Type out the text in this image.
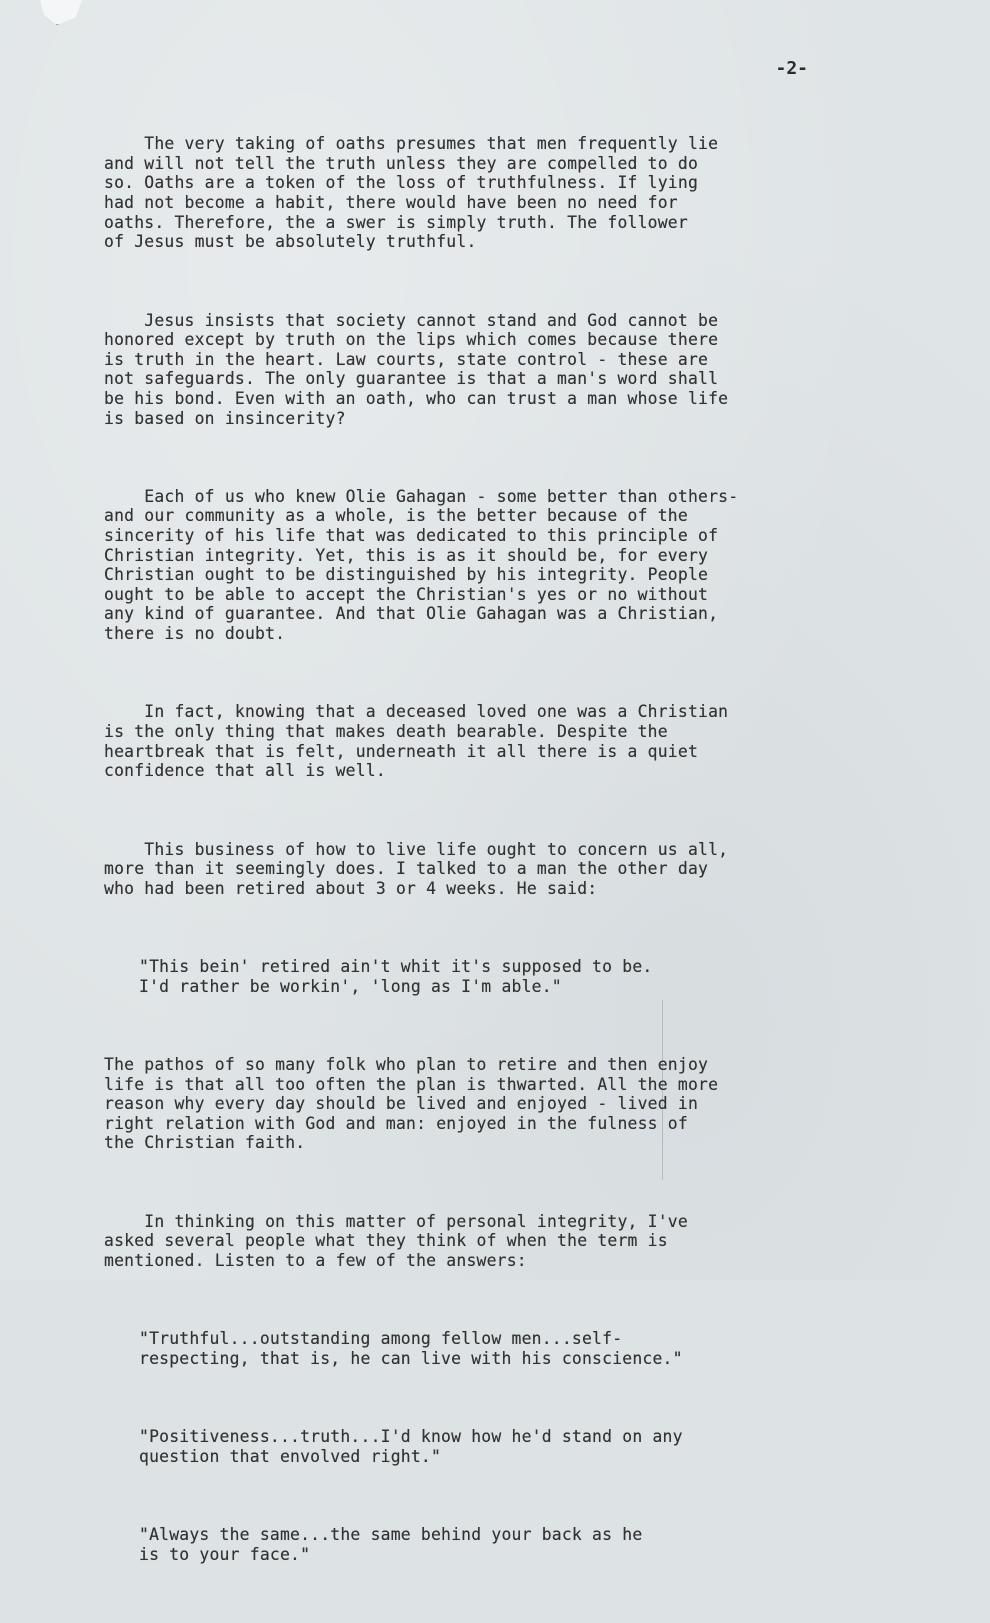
-2-

The very taking of oaths presumes that men frequently lie
and will not tell the truth unless they are compelled to do
so. Oaths are a token of the loss of truthfulness. If lying
had not become a habit, there would have been no need for
oaths. Therefore, the a swer is simply truth. The follower
of Jesus must be absolutely truthful.

Jesus insists that society cannot stand and God cannot be
honored except by truth on the lips which comes because there
is truth in the heart. Law courts, state control - these are
not safeguards. The only guarantee is that a man's word shall
be his bond. Even with an oath, who can trust a man whose life
is based on insincerity?

Each of us who knew Olie Gahagan - some better than others-
and our community as a whole, is the better because of the
sincerity of his life that was dedicated to this principle of
Christian integrity. Yet, this is as it should be, for every
Christian ought to be distinguished by his integrity. People
ought to be able to accept the Christian's yes or no without
any kind of guarantee. And that Olie Gahagan was a Christian,
there is no doubt.

In fact, knowing that a deceased loved one was a Christian
is the only thing that makes death bearable. Despite the
heartbreak that is felt, underneath it all there is a quiet
confidence that all is well.

This business of how to live life ought to concern us all,
more than it seemingly does. I talked to a man the other day
who had been retired about 3 or 4 weeks. He said:

"This bein' retired ain't whit it's supposed to be.
I'd rather be workin', 'long as I'm able."

The pathos of so many folk who plan to retire and then enjoy
life is that all too often the plan is thwarted. All the more
reason why every day should be lived and enjoyed - lived in
right relation with God and man: enjoyed in the fulness of
the Christian faith.

In thinking on this matter of personal integrity, I've
asked several people what they think of when the term is
mentioned. Listen to a few of the answers:

"Truthful...outstanding among fellow men...self-
respecting, that is, he can live with his conscience."

"Positiveness...truth...I'd know how he'd stand on any
question that envolved right."

"Always the same...the same behind your back as he
is to your face."
